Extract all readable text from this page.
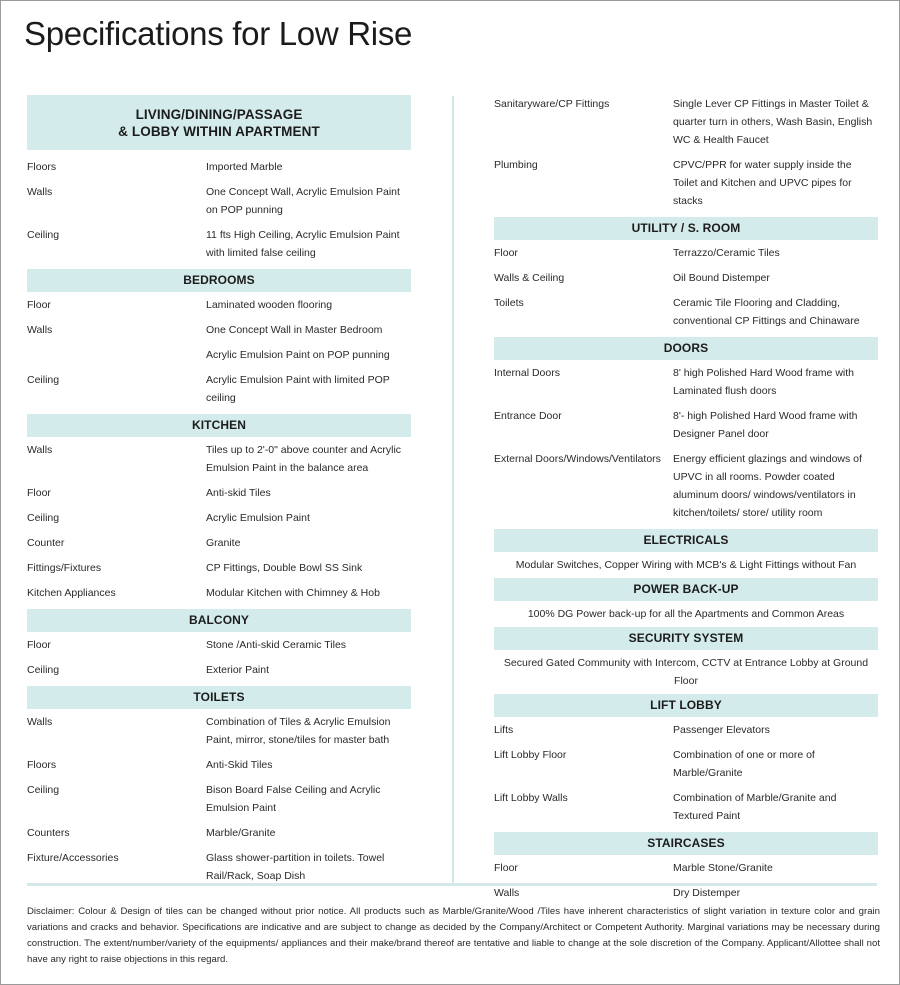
Specifications for Low Rise
LIVING/DINING/PASSAGE
& LOBBY WITHIN APARTMENT
Floors	Imported Marble
Walls	One Concept Wall, Acrylic Emulsion Paint on POP punning
Ceiling	11 fts High Ceiling, Acrylic Emulsion Paint with limited false ceiling
BEDROOMS
Floor	Laminated wooden flooring
Walls	One Concept Wall in Master Bedroom
Acrylic Emulsion Paint on POP punning
Ceiling	Acrylic Emulsion Paint with limited POP ceiling
KITCHEN
Walls	Tiles up to 2'-0" above counter and Acrylic Emulsion Paint in the balance area
Floor	Anti-skid Tiles
Ceiling	Acrylic Emulsion Paint
Counter	Granite
Fittings/Fixtures	CP Fittings, Double Bowl SS Sink
Kitchen Appliances	Modular Kitchen with Chimney & Hob
BALCONY
Floor	Stone /Anti-skid Ceramic Tiles
Ceiling	Exterior Paint
TOILETS
Walls	Combination of Tiles & Acrylic Emulsion Paint, mirror, stone/tiles for master bath
Floors	Anti-Skid Tiles
Ceiling	Bison Board False Ceiling and Acrylic Emulsion Paint
Counters	Marble/Granite
Fixture/Accessories	Glass shower-partition in toilets. Towel Rail/Rack, Soap Dish
Sanitaryware/CP Fittings	Single Lever CP Fittings in Master Toilet & quarter turn in others, Wash Basin, English WC & Health Faucet
Plumbing	CPVC/PPR for water supply inside the Toilet and Kitchen and UPVC pipes for stacks
UTILITY / S. ROOM
Floor	Terrazzo/Ceramic Tiles
Walls & Ceiling	Oil Bound Distemper
Toilets	Ceramic Tile Flooring and Cladding, conventional CP Fittings and Chinaware
DOORS
Internal Doors	8' high Polished Hard Wood frame with Laminated flush doors
Entrance Door	8'- high Polished Hard Wood frame with Designer Panel door
External Doors/Windows/Ventilators	Energy efficient glazings and windows of UPVC in all rooms. Powder coated aluminum doors/ windows/ventilators in kitchen/toilets/ store/ utility room
ELECTRICALS
Modular Switches, Copper Wiring with MCB's & Light Fittings without Fan
POWER BACK-UP
100% DG Power back-up for all the Apartments and Common Areas
SECURITY SYSTEM
Secured Gated Community with Intercom, CCTV at Entrance Lobby at Ground Floor
LIFT LOBBY
Lifts	Passenger Elevators
Lift Lobby Floor	Combination of one or more of Marble/Granite
Lift Lobby Walls	Combination of Marble/Granite and Textured Paint
STAIRCASES
Floor	Marble Stone/Granite
Walls	Dry Distemper
Disclaimer: Colour & Design of tiles can be changed without prior notice. All products such as Marble/Granite/Wood /Tiles have inherent characteristics of slight variation in texture color and grain variations and cracks and behavior. Specifications are indicative and are subject to change as decided by the Company/Architect or Competent Authority. Marginal variations may be necessary during construction. The extent/number/variety of the equipments/ appliances and their make/brand thereof are tentative and liable to change at the sole discretion of the Company. Applicant/Allottee shall not have any right to raise objections in this regard.
